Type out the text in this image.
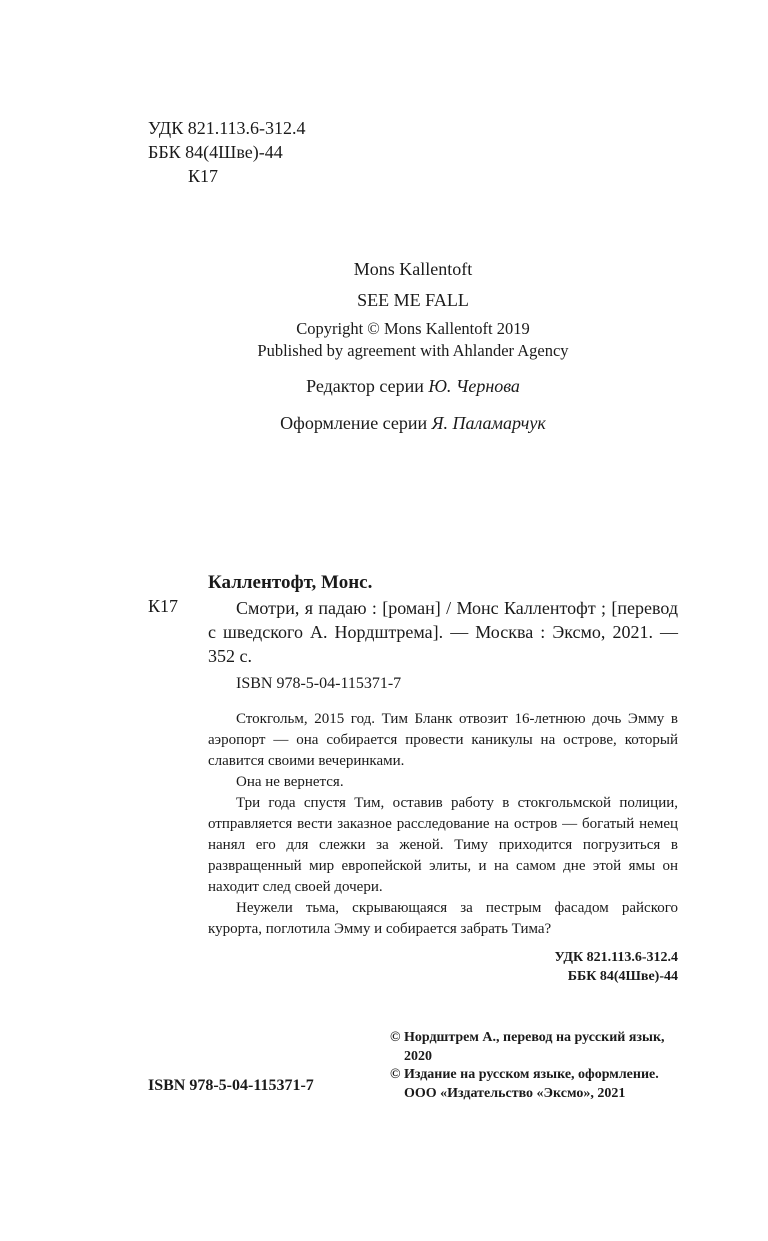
УДК 821.113.6-312.4
ББК 84(4Шве)-44
К17
Mons Kallentoft
SEE ME FALL
Copyright © Mons Kallentoft 2019
Published by agreement with Ahlander Agency
Редактор серии Ю. Чернова
Оформление серии Я. Паламарчук
Каллентофт, Монс.
К17	Смотри, я падаю : [роман] / Монс Каллентофт ; [перевод с шведского А. Нордштрема]. — Москва : Эксмо, 2021. — 352 с.

ISBN 978-5-04-115371-7

Стокгольм, 2015 год. Тим Бланк отвозит 16-летнюю дочь Эмму в аэропорт — она собирается провести каникулы на острове, который славится своими вечеринками.

Она не вернется.

Три года спустя Тим, оставив работу в стокгольмской полиции, отправляется вести заказное расследование на остров — богатый немец нанял его для слежки за женой. Тиму приходится погрузиться в развращенный мир европейской элиты, и на самом дне этой ямы он находит след своей дочери.

Неужели тьма, скрывающаяся за пестрым фасадом райского курорта, поглотила Эмму и собирается забрать Тима?

УДК 821.113.6-312.4
ББК 84(4Шве)-44

© Нордштрем А., перевод на русский язык, 2020

© Издание на русском языке, оформление. ООО «Издательство «Эксмо», 2021

ISBN 978-5-04-115371-7
